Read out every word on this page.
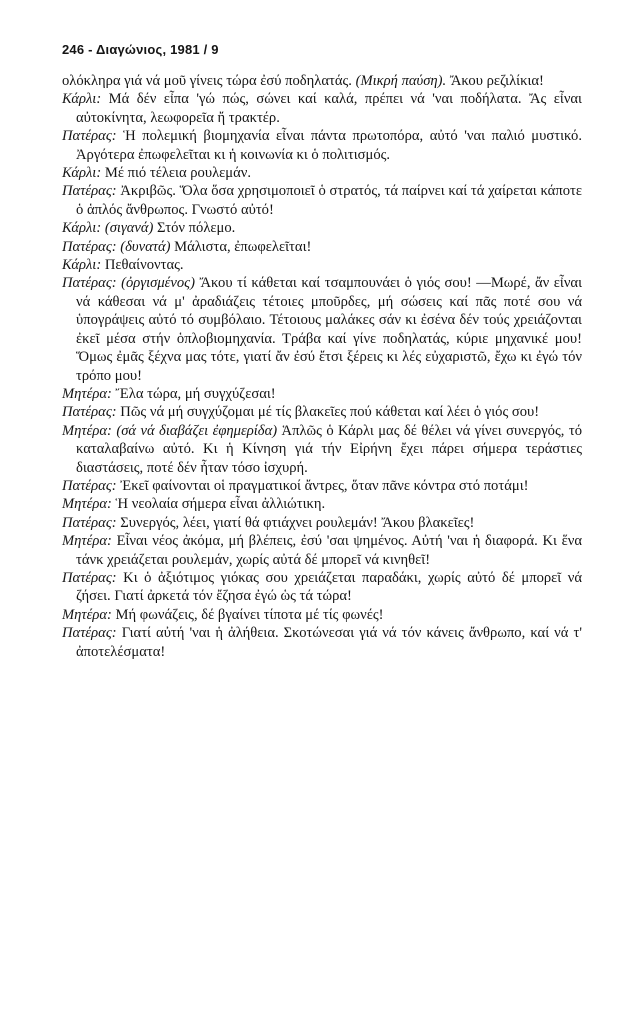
246 - Διαγώνιος, 1981 / 9

ολόκληρα γιά νά μοῦ γίνεις τώρα ἐσύ ποδηλατάς. (Μικρή παύση). Ἄκου ρεζιλίκια!

Κάρλι: Μά δέν εἶπα 'γώ πώς, σώνει καί καλά, πρέπει νά 'ναι ποδήλατα. Ἄς εἶναι αὐτοκίνητα, λεωφορεῖα ἤ τρακτέρ.

Πατέρας: Ἡ πολεμική βιομηχανία εἶναι πάντα πρωτοπόρα, αὐτό 'ναι παλιό μυστικό. Ἀργότερα ἐπωφελεῖται κι ἡ κοινωνία κι ὁ πολιτισμός.

Κάρλι: Μέ πιό τέλεια ρουλεμάν.

Πατέρας: Ἀκριβῶς. Ὅλα ὅσα χρησιμοποιεῖ ὁ στρατός, τά παίρνει καί τά χαίρεται κάποτε ὁ ἁπλός ἄνθρωπος. Γνωστό αὐτό!

Κάρλι: (σιγανά) Στόν πόλεμο.

Πατέρας: (δυνατά) Μάλιστα, ἐπωφελεῖται!

Κάρλι: Πεθαίνοντας.

Πατέρας: (ὀργισμένος) Ἄκου τί κάθεται καί τσαμπουνάει ὁ γιός σου! —Μωρέ, ἄν εἶναι νά κάθεσαι νά μ' ἀραδιάζεις τέτοιες μποῦρδες, μή σώσεις καί πᾶς ποτέ σου νά ὑπογράψεις αὐτό τό συμβόλαιο. Τέτοιους μαλάκες σάν κι ἐσένα δέν τούς χρειάζονται ἐκεῖ μέσα στήν ὁπλοβιομηχανία. Τράβα καί γίνε ποδηλατάς, κύριε μηχανικέ μου! Ὅμως ἐμᾶς ξέχνα μας τότε, γιατί ἄν ἐσύ ἔτσι ξέρεις κι λές εὐχαριστῶ, ἔχω κι ἐγώ τόν τρόπο μου!

Μητέρα: Ἔλα τώρα, μή συγχύζεσαι!

Πατέρας: Πῶς νά μή συγχύζομαι μέ τίς βλακεῖες πού κάθεται καί λέει ὁ γιός σου!

Μητέρα: (σά νά διαβάζει ἐφημερίδα) Ἁπλῶς ὁ Κάρλι μας δέ θέλει νά γίνει συνεργός, τό καταλαβαίνω αὐτό. Κι ἡ Κίνηση γιά τήν Εἰρήνη ἔχει πάρει σήμερα τεράστιες διαστάσεις, ποτέ δέν ἦταν τόσο ἰσχυρή.

Πατέρας: Ἐκεῖ φαίνονται οἱ πραγματικοί ἄντρες, ὅταν πᾶνε κόντρα στό ποτάμι!

Μητέρα: Ἡ νεολαία σήμερα εἶναι ἀλλιώτικη.

Πατέρας: Συνεργός, λέει, γιατί θά φτιάχνει ρουλεμάν! Ἄκου βλακεῖες!

Μητέρα: Εἶναι νέος ἀκόμα, μή βλέπεις, ἐσύ 'σαι ψημένος. Αὐτή 'ναι ἡ διαφορά. Κι ἕνα τάνκ χρειάζεται ρουλεμάν, χωρίς αὐτά δέ μπορεῖ νά κινηθεῖ!

Πατέρας: Κι ὁ ἀξιότιμος γιόκας σου χρειάζεται παραδάκι, χωρίς αὐτό δέ μπορεῖ νά ζήσει. Γιατί ἀρκετά τόν ἔζησα ἐγώ ὡς τά τώρα!

Μητέρα: Μή φωνάζεις, δέ βγαίνει τίποτα μέ τίς φωνές!

Πατέρας: Γιατί αὐτή 'ναι ἡ ἀλήθεια. Σκοτώνεσαι γιά νά τόν κάνεις ἄνθρωπο, καί νά τ' ἀποτελέσματα!
